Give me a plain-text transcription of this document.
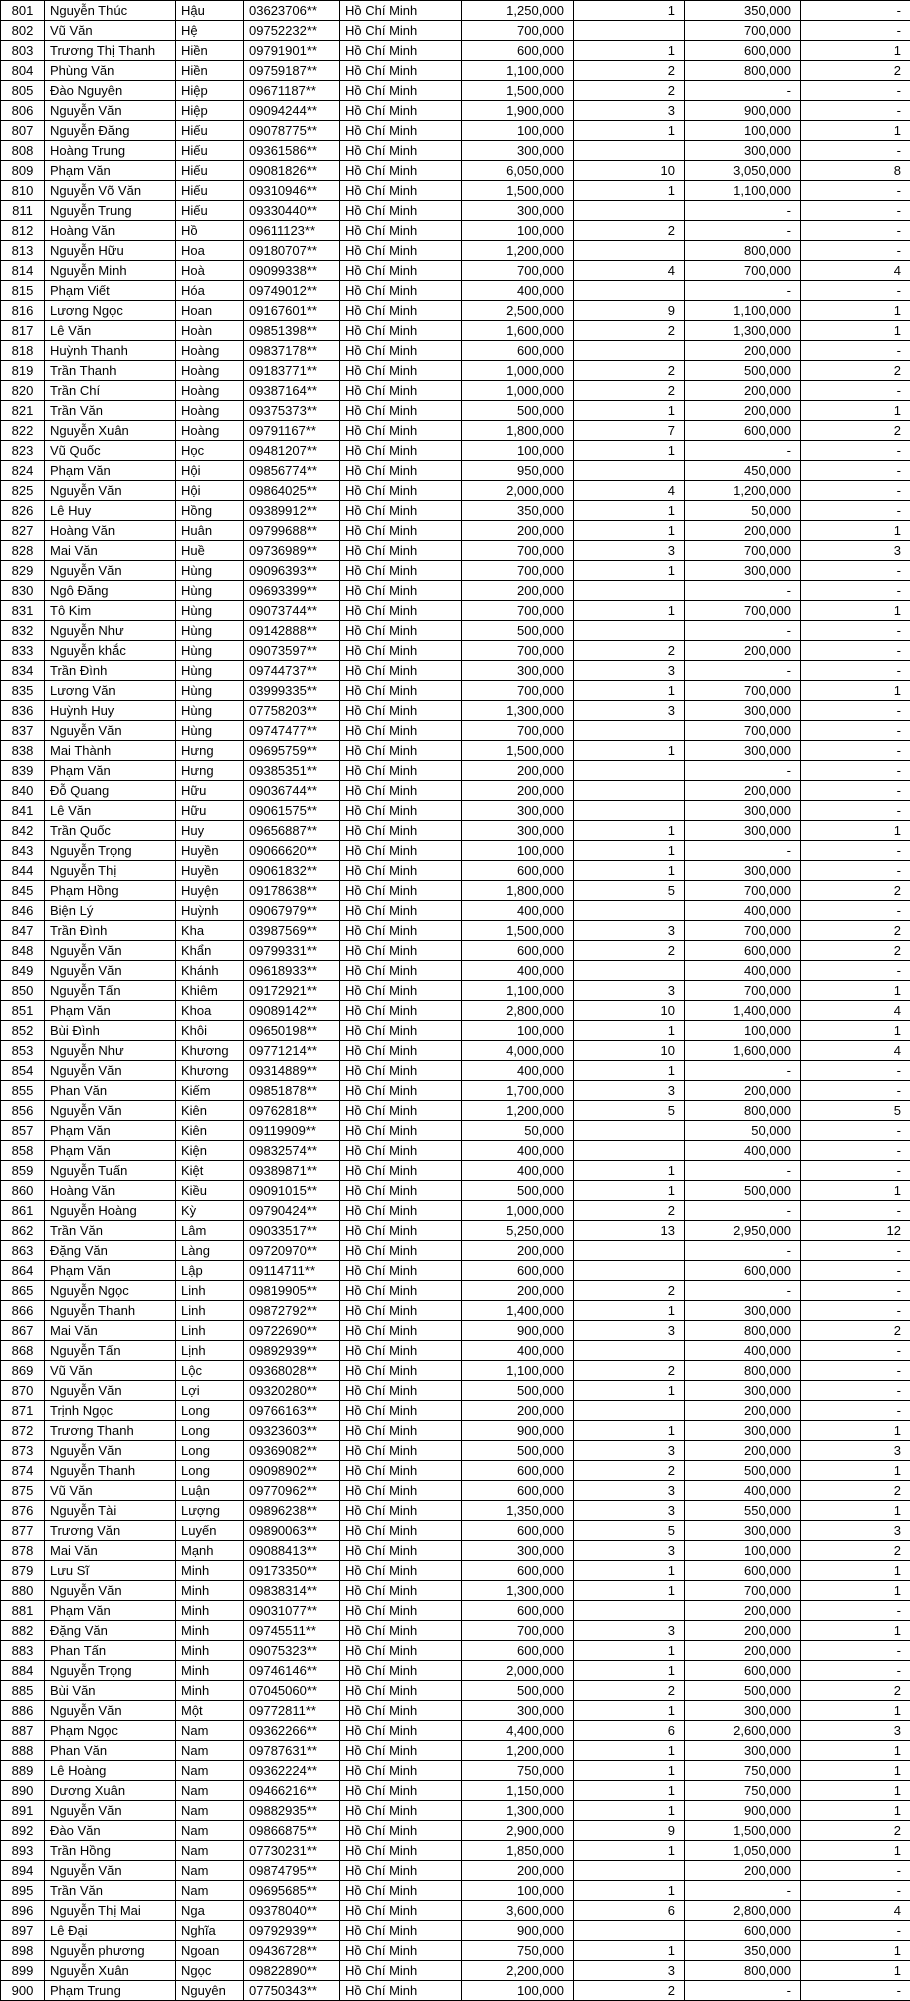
801	Nguyễn Thúc	Hậu	03623706**	Hồ Chí Minh	1,250,000	1	350,000	-
802	Vũ Văn	Hệ	09752232**	Hồ Chí Minh	700,000		700,000	-
803	Trương Thị Thanh	Hiền	09791901**	Hồ Chí Minh	600,000	1	600,000	1
804	Phùng Văn	Hiền	09759187**	Hồ Chí Minh	1,100,000	2	800,000	2
805	Đào Nguyên	Hiệp	09671187**	Hồ Chí Minh	1,500,000	2	-	-
806	Nguyễn Văn	Hiệp	09094244**	Hồ Chí Minh	1,900,000	3	900,000	-
807	Nguyễn Đăng	Hiếu	09078775**	Hồ Chí Minh	100,000	1	100,000	1
808	Hoàng Trung	Hiếu	09361586**	Hồ Chí Minh	300,000		300,000	-
809	Phạm Văn	Hiếu	09081826**	Hồ Chí Minh	6,050,000	10	3,050,000	8
810	Nguyễn Võ Văn	Hiếu	09310946**	Hồ Chí Minh	1,500,000	1	1,100,000	-
811	Nguyễn Trung	Hiếu	09330440**	Hồ Chí Minh	300,000		-	-
812	Hoàng Văn	Hồ	09611123**	Hồ Chí Minh	100,000	2	-	-
813	Nguyễn Hữu	Hoa	09180707**	Hồ Chí Minh	1,200,000		800,000	-
814	Nguyễn Minh	Hoà	09099338**	Hồ Chí Minh	700,000	4	700,000	4
815	Phạm Viết	Hóa	09749012**	Hồ Chí Minh	400,000		-	-
816	Lương Ngọc	Hoan	09167601**	Hồ Chí Minh	2,500,000	9	1,100,000	1
817	Lê Văn	Hoàn	09851398**	Hồ Chí Minh	1,600,000	2	1,300,000	1
818	Huỳnh Thanh	Hoàng	09837178**	Hồ Chí Minh	600,000		200,000	-
819	Trần Thanh	Hoàng	09183771**	Hồ Chí Minh	1,000,000	2	500,000	2
820	Trần Chí	Hoàng	09387164**	Hồ Chí Minh	1,000,000	2	200,000	-
821	Trần Văn	Hoàng	09375373**	Hồ Chí Minh	500,000	1	200,000	1
822	Nguyễn Xuân	Hoàng	09791167**	Hồ Chí Minh	1,800,000	7	600,000	2
823	Vũ Quốc	Học	09481207**	Hồ Chí Minh	100,000	1	-	-
824	Phạm Văn	Hội	09856774**	Hồ Chí Minh	950,000		450,000	-
825	Nguyễn Văn	Hội	09864025**	Hồ Chí Minh	2,000,000	4	1,200,000	-
826	Lê Huy	Hồng	09389912**	Hồ Chí Minh	350,000	1	50,000	-
827	Hoàng Văn	Huân	09799688**	Hồ Chí Minh	200,000	1	200,000	1
828	Mai Văn	Huề	09736989**	Hồ Chí Minh	700,000	3	700,000	3
829	Nguyễn Văn	Hùng	09096393**	Hồ Chí Minh	700,000	1	300,000	-
830	Ngô Đăng	Hùng	09693399**	Hồ Chí Minh	200,000		-	-
831	Tô Kim	Hùng	09073744**	Hồ Chí Minh	700,000	1	700,000	1
832	Nguyễn Như	Hùng	09142888**	Hồ Chí Minh	500,000		-	-
833	Nguyễn khắc	Hùng	09073597**	Hồ Chí Minh	700,000	2	200,000	-
834	Trần Đình	Hùng	09744737**	Hồ Chí Minh	300,000	3	-	-
835	Lương Văn	Hùng	03999335**	Hồ Chí Minh	700,000	1	700,000	1
836	Huỳnh Huy	Hùng	07758203**	Hồ Chí Minh	1,300,000	3	300,000	-
837	Nguyễn Văn	Hùng	09747477**	Hồ Chí Minh	700,000		700,000	-
838	Mai Thành	Hưng	09695759**	Hồ Chí Minh	1,500,000	1	300,000	-
839	Phạm Văn	Hưng	09385351**	Hồ Chí Minh	200,000		-	-
840	Đỗ Quang	Hữu	09036744**	Hồ Chí Minh	200,000		200,000	-
841	Lê Văn	Hữu	09061575**	Hồ Chí Minh	300,000		300,000	-
842	Trần Quốc	Huy	09656887**	Hồ Chí Minh	300,000	1	300,000	1
843	Nguyễn Trọng	Huyền	09066620**	Hồ Chí Minh	100,000	1	-	-
844	Nguyễn Thị	Huyền	09061832**	Hồ Chí Minh	600,000	1	300,000	-
845	Phạm Hồng	Huyện	09178638**	Hồ Chí Minh	1,800,000	5	700,000	2
846	Biện Lý	Huỳnh	09067979**	Hồ Chí Minh	400,000		400,000	-
847	Trần Đình	Kha	03987569**	Hồ Chí Minh	1,500,000	3	700,000	2
848	Nguyễn Văn	Khẩn	09799331**	Hồ Chí Minh	600,000	2	600,000	2
849	Nguyễn Văn	Khánh	09618933**	Hồ Chí Minh	400,000		400,000	-
850	Nguyễn Tấn	Khiêm	09172921**	Hồ Chí Minh	1,100,000	3	700,000	1
851	Phạm Văn	Khoa	09089142**	Hồ Chí Minh	2,800,000	10	1,400,000	4
852	Bùi Đình	Khôi	09650198**	Hồ Chí Minh	100,000	1	100,000	1
853	Nguyễn Như	Khương	09771214**	Hồ Chí Minh	4,000,000	10	1,600,000	4
854	Nguyễn Văn	Khương	09314889**	Hồ Chí Minh	400,000	1	-	-
855	Phan Văn	Kiếm	09851878**	Hồ Chí Minh	1,700,000	3	200,000	-
856	Nguyễn Văn	Kiên	09762818**	Hồ Chí Minh	1,200,000	5	800,000	5
857	Phạm Văn	Kiên	09119909**	Hồ Chí Minh	50,000		50,000	-
858	Phạm Văn	Kiện	09832574**	Hồ Chí Minh	400,000		400,000	-
859	Nguyễn Tuấn	Kiệt	09389871**	Hồ Chí Minh	400,000	1	-	-
860	Hoàng Văn	Kiều	09091015**	Hồ Chí Minh	500,000	1	500,000	1
861	Nguyễn Hoàng	Kỳ	09790424**	Hồ Chí Minh	1,000,000	2	-	-
862	Trần Văn	Lâm	09033517**	Hồ Chí Minh	5,250,000	13	2,950,000	12
863	Đặng Văn	Làng	09720970**	Hồ Chí Minh	200,000		-	-
864	Phạm Văn	Lập	09114711**	Hồ Chí Minh	600,000		600,000	-
865	Nguyễn Ngọc	Linh	09819905**	Hồ Chí Minh	200,000	2	-	-
866	Nguyễn Thanh	Linh	09872792**	Hồ Chí Minh	1,400,000	1	300,000	-
867	Mai Văn	Linh	09722690**	Hồ Chí Minh	900,000	3	800,000	2
868	Nguyễn Tấn	Lịnh	09892939**	Hồ Chí Minh	400,000		400,000	-
869	Vũ Văn	Lộc	09368028**	Hồ Chí Minh	1,100,000	2	800,000	-
870	Nguyễn Văn	Lợi	09320280**	Hồ Chí Minh	500,000	1	300,000	-
871	Trịnh Ngọc	Long	09766163**	Hồ Chí Minh	200,000		200,000	-
872	Trương Thanh	Long	09323603**	Hồ Chí Minh	900,000	1	300,000	1
873	Nguyễn Văn	Long	09369082**	Hồ Chí Minh	500,000	3	200,000	3
874	Nguyễn Thanh	Long	09098902**	Hồ Chí Minh	600,000	2	500,000	1
875	Vũ Văn	Luận	09770962**	Hồ Chí Minh	600,000	3	400,000	2
876	Nguyễn Tài	Lượng	09896238**	Hồ Chí Minh	1,350,000	3	550,000	1
877	Trương Văn	Luyến	09890063**	Hồ Chí Minh	600,000	5	300,000	3
878	Mai Văn	Mạnh	09088413**	Hồ Chí Minh	300,000	3	100,000	2
879	Lưu Sĩ	Minh	09173350**	Hồ Chí Minh	600,000	1	600,000	1
880	Nguyễn Văn	Minh	09838314**	Hồ Chí Minh	1,300,000	1	700,000	1
881	Phạm Văn	Minh	09031077**	Hồ Chí Minh	600,000		200,000	-
882	Đặng Văn	Minh	09745511**	Hồ Chí Minh	700,000	3	200,000	1
883	Phan Tấn	Minh	09075323**	Hồ Chí Minh	600,000	1	200,000	-
884	Nguyễn Trọng	Minh	09746146**	Hồ Chí Minh	2,000,000	1	600,000	-
885	Bùi Văn	Minh	07045060**	Hồ Chí Minh	500,000	2	500,000	2
886	Nguyễn Văn	Một	09772811**	Hồ Chí Minh	300,000	1	300,000	1
887	Phạm Ngọc	Nam	09362266**	Hồ Chí Minh	4,400,000	6	2,600,000	3
888	Phan Văn	Nam	09787631**	Hồ Chí Minh	1,200,000	1	300,000	1
889	Lê Hoàng	Nam	09362224**	Hồ Chí Minh	750,000	1	750,000	1
890	Dương Xuân	Nam	09466216**	Hồ Chí Minh	1,150,000	1	750,000	1
891	Nguyễn Văn	Nam	09882935**	Hồ Chí Minh	1,300,000	1	900,000	1
892	Đào Văn	Nam	09866875**	Hồ Chí Minh	2,900,000	9	1,500,000	2
893	Trần Hồng	Nam	07730231**	Hồ Chí Minh	1,850,000	1	1,050,000	1
894	Nguyễn Văn	Nam	09874795**	Hồ Chí Minh	200,000		200,000	-
895	Trần Văn	Nam	09695685**	Hồ Chí Minh	100,000	1	-	-
896	Nguyễn Thị Mai	Nga	09378040**	Hồ Chí Minh	3,600,000	6	2,800,000	4
897	Lê Đại	Nghĩa	09792939**	Hồ Chí Minh	900,000		600,000	-
898	Nguyễn phương	Ngoan	09436728**	Hồ Chí Minh	750,000	1	350,000	1
899	Nguyễn Xuân	Ngọc	09822890**	Hồ Chí Minh	2,200,000	3	800,000	1
900	Phạm Trung	Nguyên	07750343**	Hồ Chí Minh	100,000	2	-	-
